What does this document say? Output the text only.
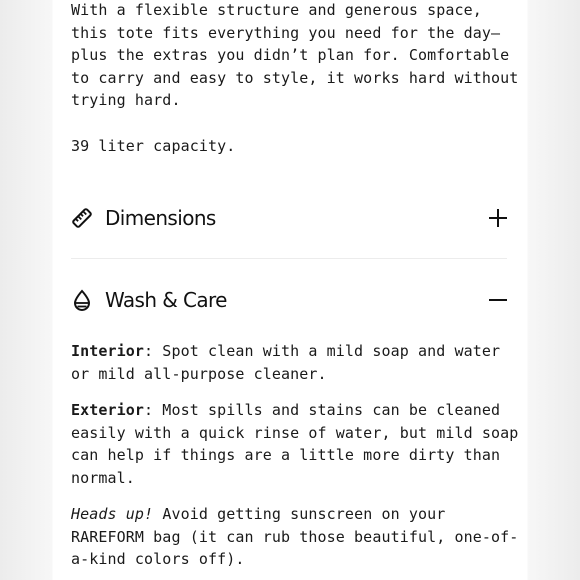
With a flexible structure and generous space, this tote fits everything you need for the day—plus the extras you didn’t plan for. Comfortable to carry and easy to style, it works hard without trying hard.

39 liter capacity.

Dimensions
Wash & Care

Interior: Spot clean with a mild soap and water or mild all-purpose cleaner.

Exterior: Most spills and stains can be cleaned easily with a quick rinse of water, but mild soap can help if things are a little more dirty than normal.

Heads up! Avoid getting sunscreen on your RAREFORM bag (it can rub those beautiful, one-of-a-kind colors off).
